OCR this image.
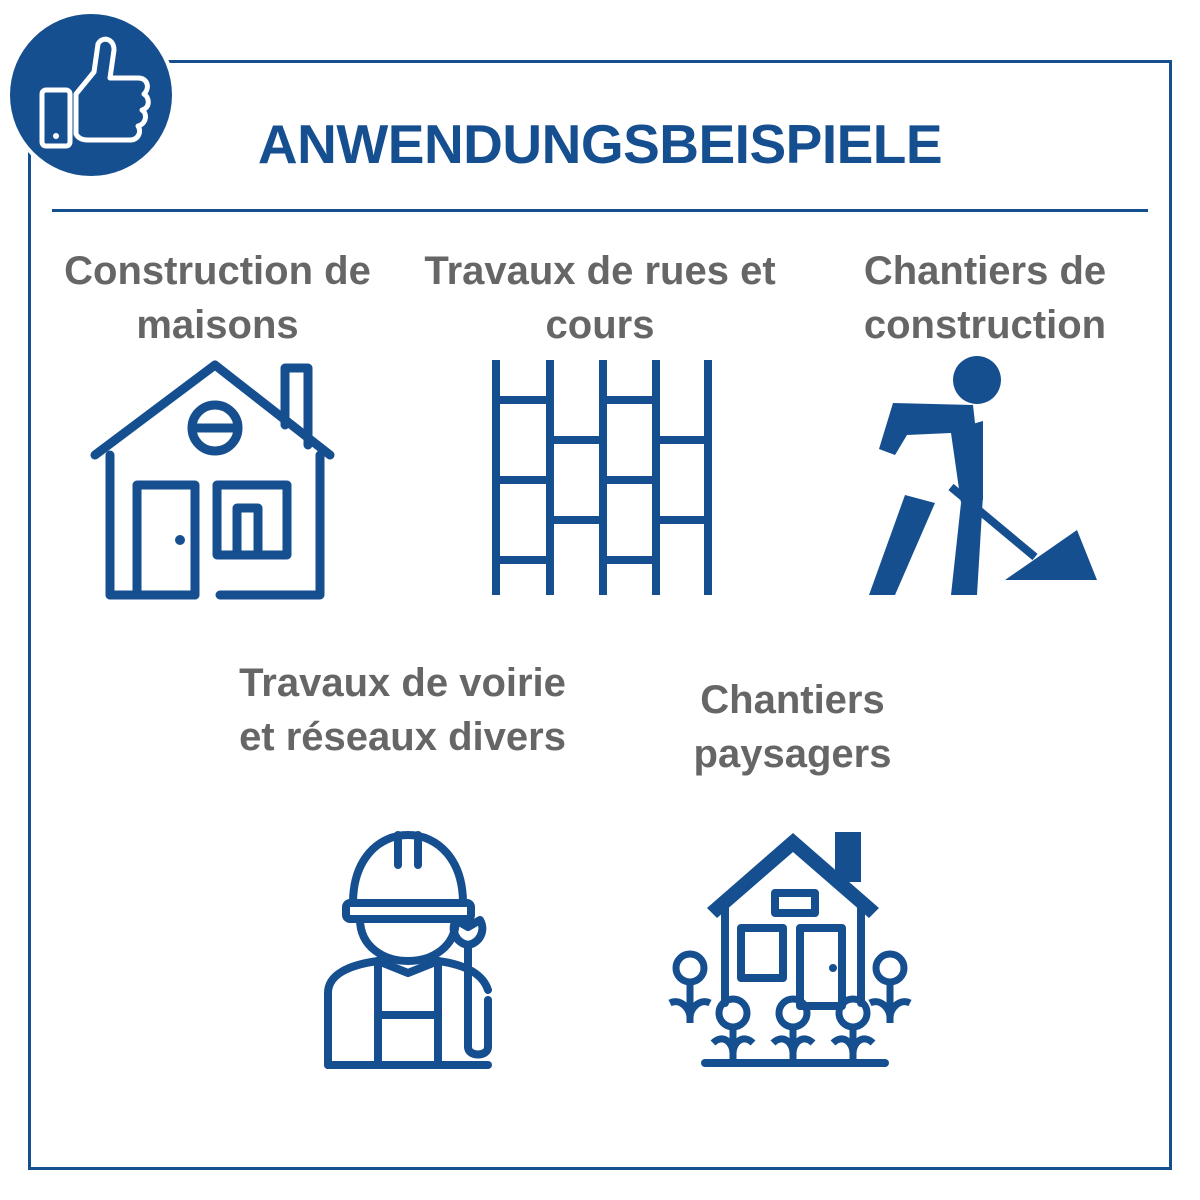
ANWENDUNGSBEISPIELE
Construction de
maisons
Travaux de rues et
cours
Chantiers de
construction
Travaux de voirie
et réseaux divers
Chantiers
paysagers
